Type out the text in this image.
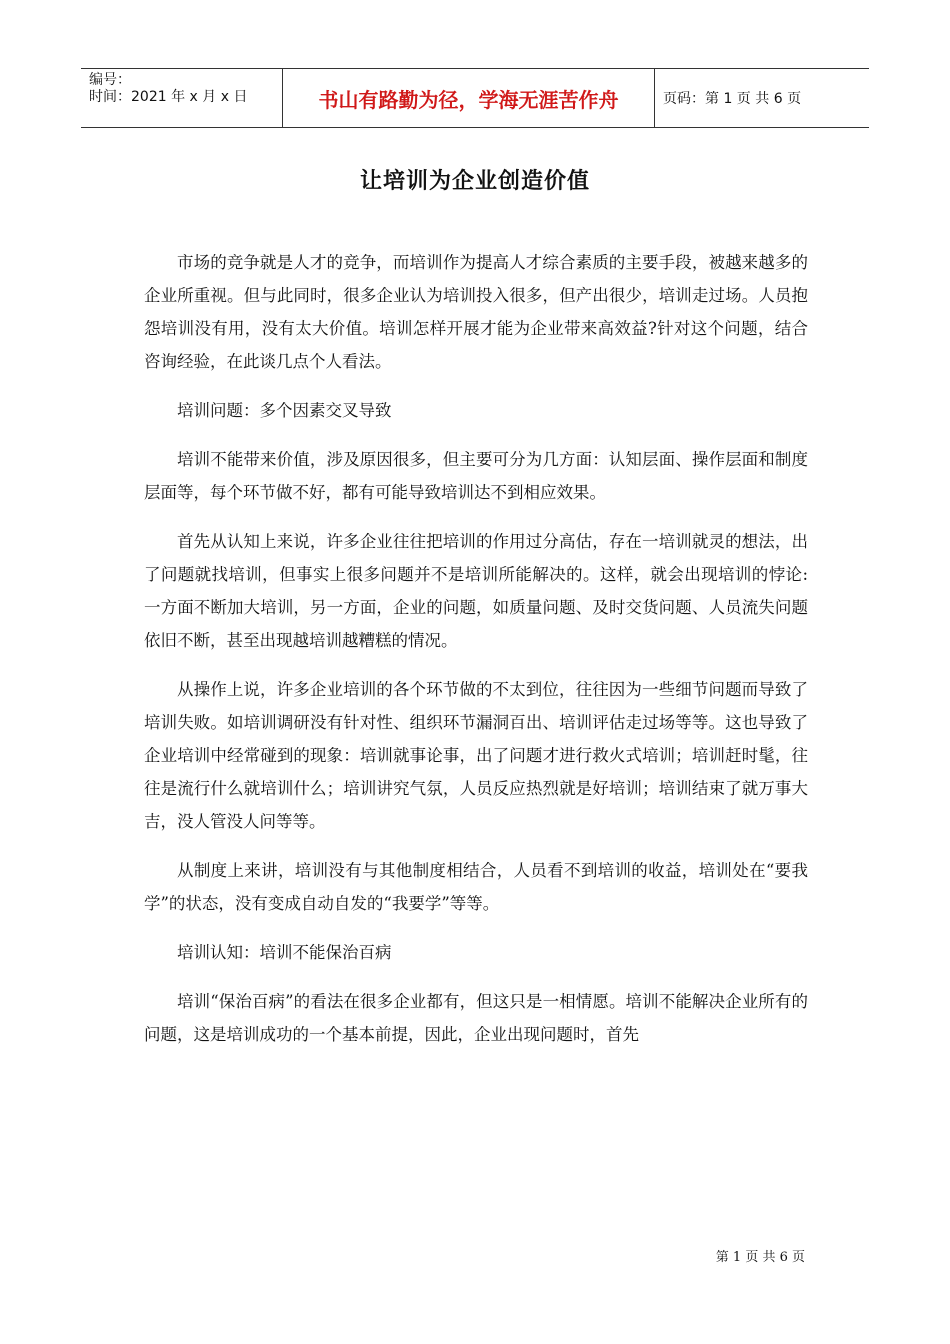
编号：
时间：2021 年 x 月 x 日	书山有路勤为径，学海无涯苦作舟	页码：第 1 页 共 6 页
让培训为企业创造价值

市场的竞争就是人才的竞争，而培训作为提高人才综合素质的主要手段，被越来越多的企业所重视。但与此同时，很多企业认为培训投入很多，但产出很少，培训走过场。人员抱怨培训没有用，没有太大价值。培训怎样开展才能为企业带来高效益?针对这个问题，结合咨询经验，在此谈几点个人看法。

培训问题：多个因素交叉导致

培训不能带来价值，涉及原因很多，但主要可分为几方面：认知层面、操作层面和制度层面等，每个环节做不好，都有可能导致培训达不到相应效果。

首先从认知上来说，许多企业往往把培训的作用过分高估，存在一培训就灵的想法，出了问题就找培训，但事实上很多问题并不是培训所能解决的。这样，就会出现培训的悖论:一方面不断加大培训，另一方面，企业的问题，如质量问题、及时交货问题、人员流失问题依旧不断，甚至出现越培训越糟糕的情况。

从操作上说，许多企业培训的各个环节做的不太到位，往往因为一些细节问题而导致了培训失败。如培训调研没有针对性、组织环节漏洞百出、培训评估走过场等等。这也导致了企业培训中经常碰到的现象：培训就事论事，出了问题才进行救火式培训；培训赶时髦，往往是流行什么就培训什么；培训讲究气氛，人员反应热烈就是好培训；培训结束了就万事大吉，没人管没人问等等。

从制度上来讲，培训没有与其他制度相结合，人员看不到培训的收益，培训处在“要我学”的状态，没有变成自动自发的“我要学”等等。

培训认知：培训不能保治百病

培训“保治百病”的看法在很多企业都有，但这只是一相情愿。培训不能解决企业所有的问题，这是培训成功的一个基本前提，因此，企业出现问题时，首先

第 1 页 共 6 页
